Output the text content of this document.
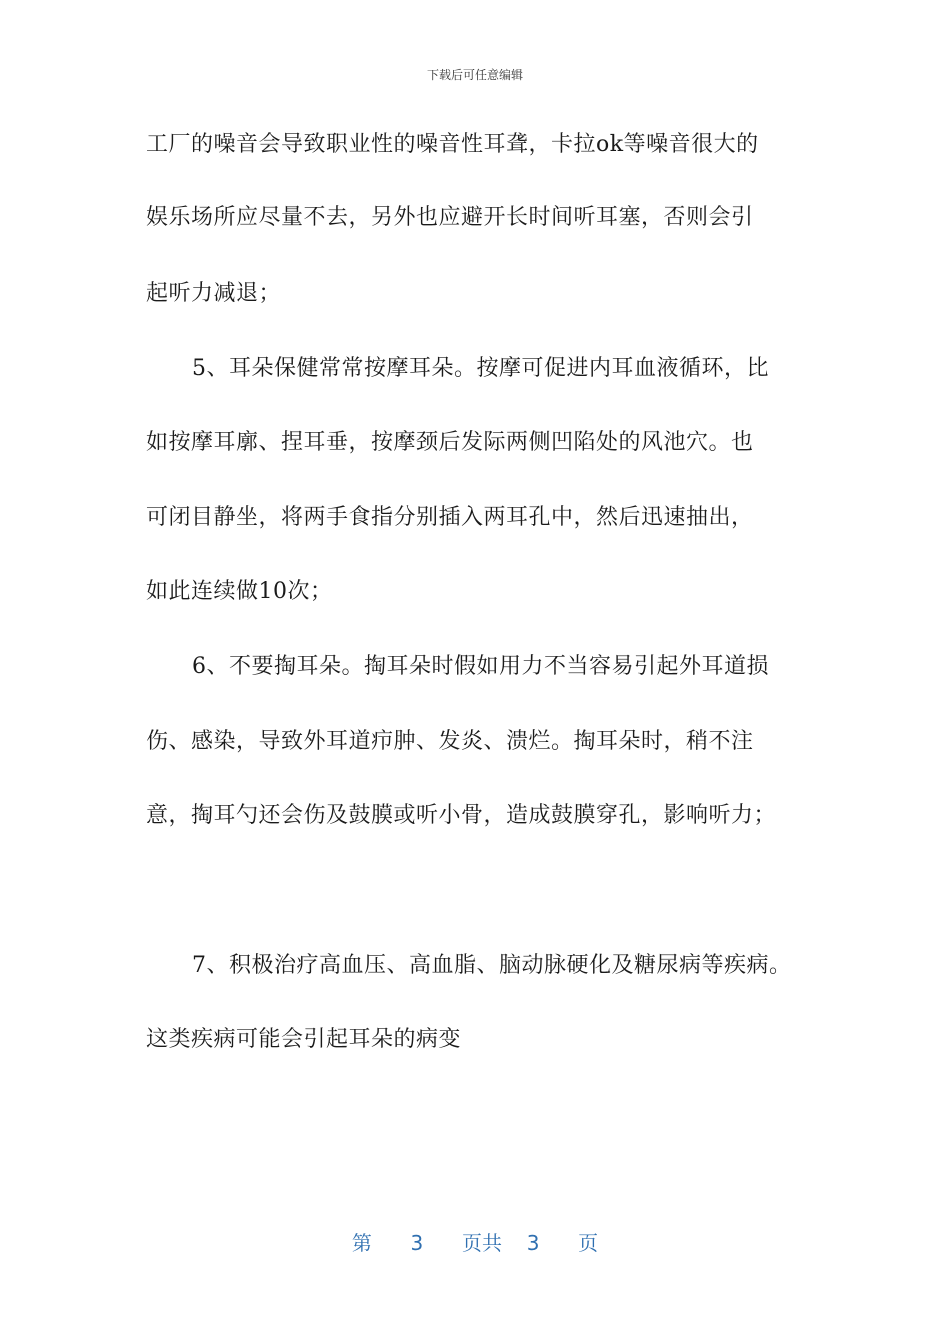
下载后可任意编辑
工厂的噪音会导致职业性的噪音性耳聋，卡拉ok等噪音很大的
娱乐场所应尽量不去，另外也应避开长时间听耳塞，否则会引
起听力减退；
5、耳朵保健常常按摩耳朵。按摩可促进内耳血液循环，比
如按摩耳廓、捏耳垂，按摩颈后发际两侧凹陷处的风池穴。也
可闭目静坐，将两手食指分别插入两耳孔中，然后迅速抽出，
如此连续做10次；
6、不要掏耳朵。掏耳朵时假如用力不当容易引起外耳道损
伤、感染，导致外耳道疖肿、发炎、溃烂。掏耳朵时，稍不注
意，掏耳勺还会伤及鼓膜或听小骨，造成鼓膜穿孔，影响听力；
7、积极治疗高血压、高血脂、脑动脉硬化及糖尿病等疾病。
这类疾病可能会引起耳朵的病变
第 3 页共 3 页
